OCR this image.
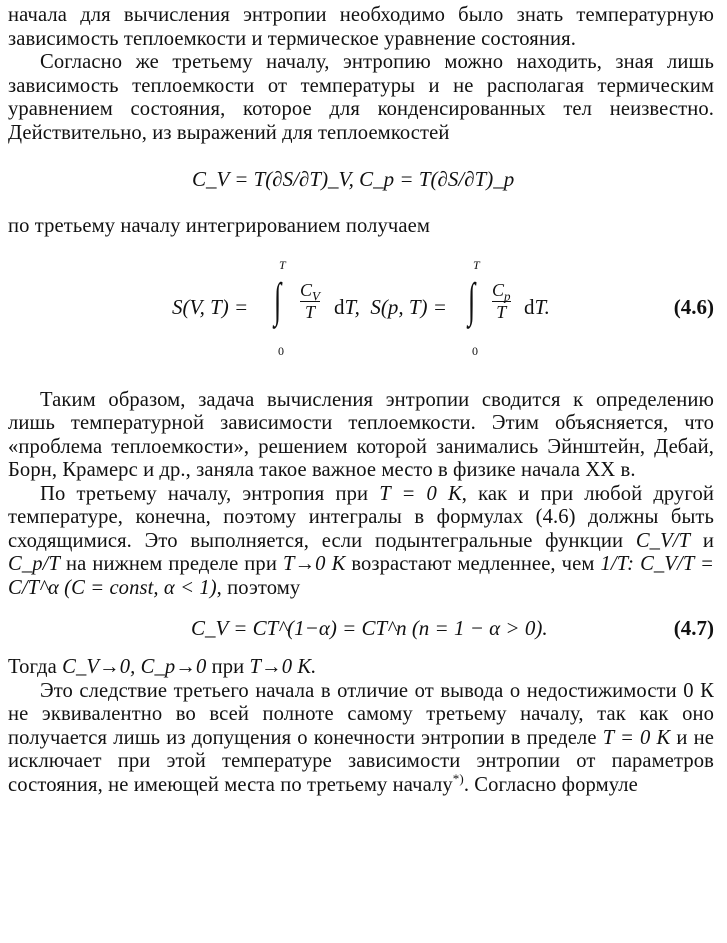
начала для вычисления энтропии необходимо было знать температурную зависимость теплоемкости и термическое уравнение состояния.

Согласно же третьему началу, энтропию можно находить, зная лишь зависимость теплоемкости от температуры и не располагая термическим уравнением состояния, которое для конденсированных тел неизвестно. Действительно, из выражений для теплоемкостей

C_V = T(∂S/∂T)_V, C_p = T(∂S/∂T)_p

по третьему началу интегрированием получаем

S(V, T) = ∫
T
0
$C_V$
T dT,  S(p, T) = ∫
T
0
$C_p$
T dT.	(4.6)

Таким образом, задача вычисления энтропии сводится к определению лишь температурной зависимости теплоемкости. Этим объясняется, что «проблема теплоемкости», решением которой занимались Эйнштейн, Дебай, Борн, Крамерс и др., заняла такое важное место в физике начала XX в.

По третьему началу, энтропия при T = 0 К, как и при любой другой температуре, конечна, поэтому интегралы в формулах (4.6) должны быть сходящимися. Это выполняется, если подынтегральные функции C_V/T и C_p/T на нижнем пределе при T→0 К возрастают медленнее, чем 1/T: C_V/T = C/T^α (C = const, α < 1), поэтому

C_V = CT^(1−α) = CT^n (n = 1 − α > 0).	(4.7)

Тогда C_V→0, C_p→0 при T→0 К.

Это следствие третьего начала в отличие от вывода о недостижимости 0 К не эквивалентно во всей полноте самому третьему началу, так как оно получается лишь из допущения о конечности энтропии в пределе T = 0 К и не исключает при этой температуре зависимости энтропии от параметров состояния, не имеющей места по третьему началу*). Согласно формуле
